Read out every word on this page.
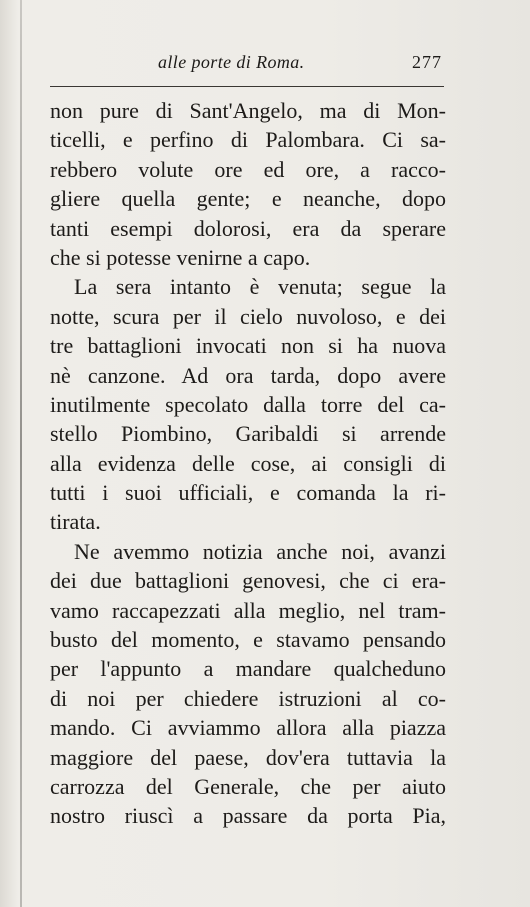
alle porte di Roma.	277
non pure di Sant'Angelo, ma di Mon-
ticelli, e perfino di Palombara. Ci sa-
rebbero volute ore ed ore, a racco-
gliere quella gente; e neanche, dopo
tanti esempi dolorosi, era da sperare
che si potesse venirne a capo.
La sera intanto è venuta; segue la
notte, scura per il cielo nuvoloso, e dei
tre battaglioni invocati non si ha nuova
nè canzone. Ad ora tarda, dopo avere
inutilmente specolato dalla torre del ca-
stello Piombino, Garibaldi si arrende
alla evidenza delle cose, ai consigli di
tutti i suoi ufficiali, e comanda la ri-
tirata.
Ne avemmo notizia anche noi, avanzi
dei due battaglioni genovesi, che ci era-
vamo raccapezzati alla meglio, nel tram-
busto del momento, e stavamo pensando
per l'appunto a mandare qualcheduno
di noi per chiedere istruzioni al co-
mando. Ci avviammo allora alla piazza
maggiore del paese, dov'era tuttavia la
carrozza del Generale, che per aiuto
nostro riuscì a passare da porta Pia,
